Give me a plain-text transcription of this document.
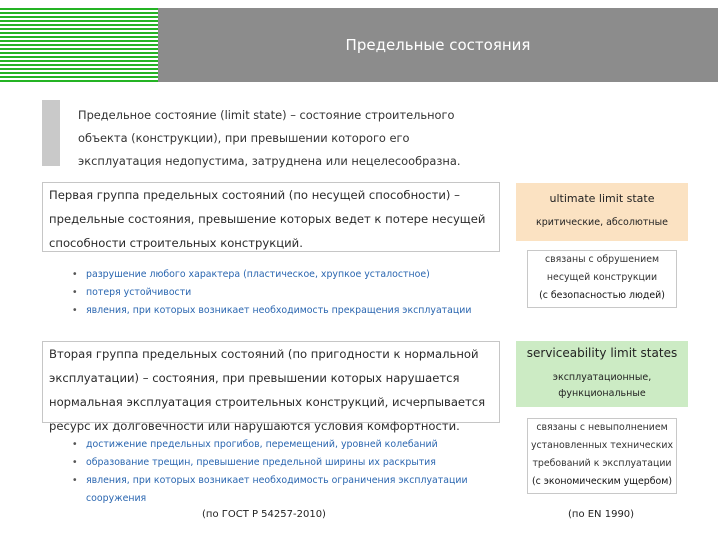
Предельные состояния
Предельное состояние (limit state) – состояние строительного
объекта (конструкции), при превышении которого его
эксплуатация недопустима, затруднена или нецелесообразна.
Первая группа предельных состояний (по несущей способности) –
предельные состояния, превышение которых ведет к потере несущей
способности строительных конструкций.
• разрушение любого характера (пластическое, хрупкое усталостное)
• потеря устойчивости
• явления, при которых возникает необходимость прекращения эксплуатации
Вторая группа предельных состояний (по пригодности к нормальной
эксплуатации) – состояния, при превышении которых нарушается
нормальная эксплуатация строительных конструкций, исчерпывается
ресурс их долговечности или нарушаются условия комфортности.
• достижение предельных прогибов, перемещений, уровней колебаний
• образование трещин, превышение предельной ширины их раскрытия
• явления, при которых возникает необходимость ограничения эксплуатации сооружения
(по ГОСТ Р 54257-2010)	(по EN 1990)
ultimate limit state
критические, абсолютные
связаны с обрушением
несущей конструкции
(с безопасностью людей)
serviceability limit states
эксплуатационные,
функциональные
связаны с невыполнением
установленных технических
требований к эксплуатации
(с экономическим ущербом)
